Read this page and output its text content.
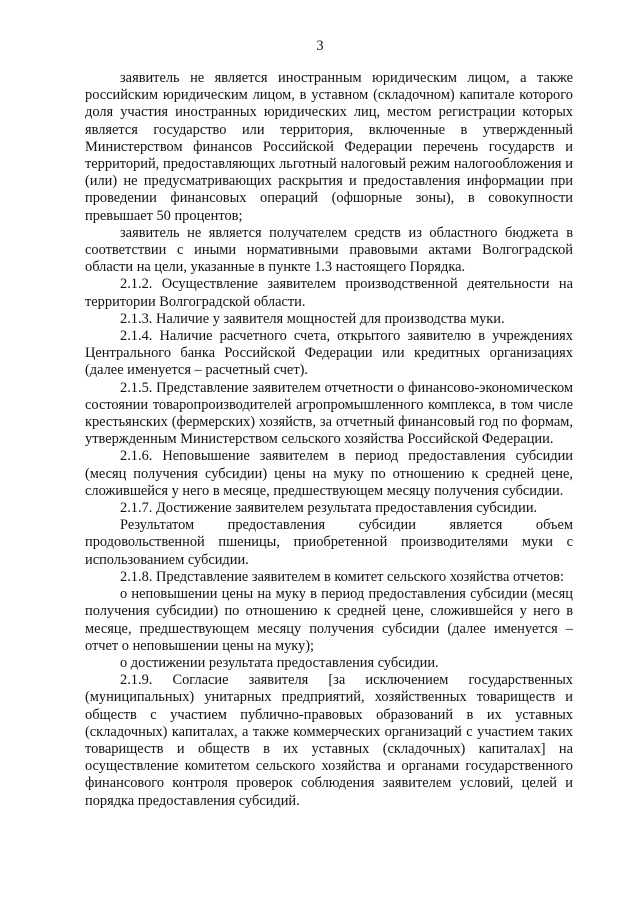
3

заявитель не является иностранным юридическим лицом, а также российским юридическим лицом, в уставном (складочном) капитале которого доля участия иностранных юридических лиц, местом регистрации которых является государство или территория, включенные в утвержденный Министерством финансов Российской Федерации перечень государств и территорий, предоставляющих льготный налоговый режим налогообложения и (или) не предусматривающих раскрытия и предоставления информации при проведении финансовых операций (офшорные зоны), в совокупности превышает 50 процентов;

заявитель не является получателем средств из областного бюджета в соответствии с иными нормативными правовыми актами Волгоградской области на цели, указанные в пункте 1.3 настоящего Порядка.

2.1.2. Осуществление заявителем производственной деятельности на территории Волгоградской области.

2.1.3. Наличие у заявителя мощностей для производства муки.

2.1.4. Наличие расчетного счета, открытого заявителю в учреждениях Центрального банка Российской Федерации или кредитных организациях (далее именуется – расчетный счет).

2.1.5. Представление заявителем отчетности о финансово-экономическом состоянии товаропроизводителей агропромышленного комплекса, в том числе крестьянских (фермерских) хозяйств, за отчетный финансовый год по формам, утвержденным Министерством сельского хозяйства Российской Федерации.

2.1.6. Неповышение заявителем в период предоставления субсидии (месяц получения субсидии) цены на муку по отношению к средней цене, сложившейся у него в месяце, предшествующем месяцу получения субсидии.

2.1.7. Достижение заявителем результата предоставления субсидии.

Результатом предоставления субсидии является объем продовольственной пшеницы, приобретенной производителями муки с использованием субсидии.

2.1.8. Представление заявителем в комитет сельского хозяйства отчетов:

о неповышении цены на муку в период предоставления субсидии (месяц получения субсидии) по отношению к средней цене, сложившейся у него в месяце, предшествующем месяцу получения субсидии (далее именуется – отчет о неповышении цены на муку);

о достижении результата предоставления субсидии.

2.1.9. Согласие заявителя [за исключением государственных (муниципальных) унитарных предприятий, хозяйственных товариществ и обществ с участием публично-правовых образований в их уставных (складочных) капиталах, а также коммерческих организаций с участием таких товариществ и обществ в их уставных (складочных) капиталах] на осуществление комитетом сельского хозяйства и органами государственного финансового контроля проверок соблюдения заявителем условий, целей и порядка предоставления субсидий.
